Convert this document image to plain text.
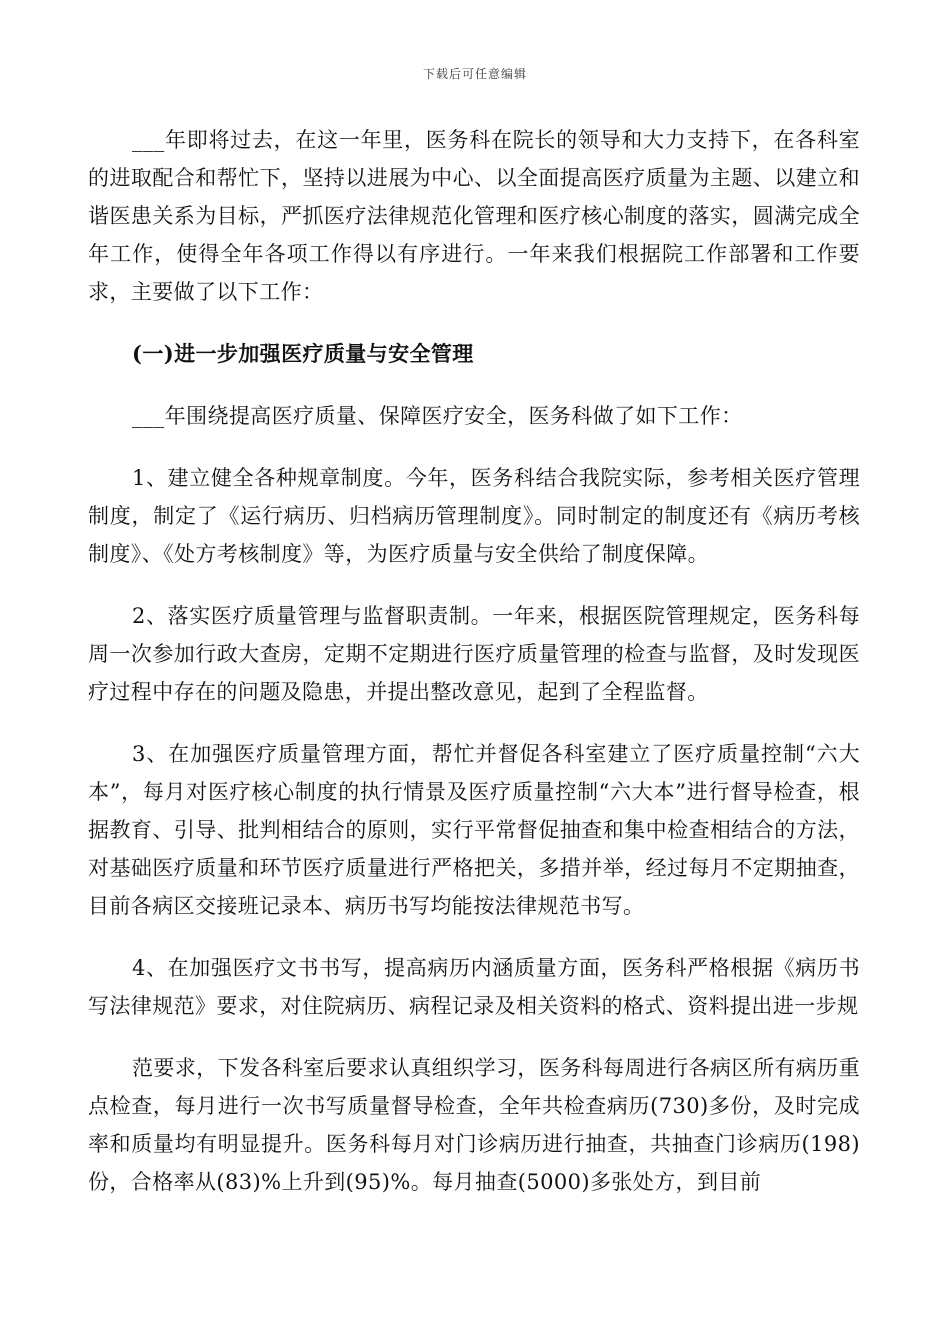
下载后可任意编辑

___年即将过去，在这一年里，医务科在院长的领导和大力支持下，在各科室的进取配合和帮忙下，坚持以进展为中心、以全面提高医疗质量为主题、以建立和谐医患关系为目标，严抓医疗法律规范化管理和医疗核心制度的落实，圆满完成全年工作，使得全年各项工作得以有序进行。一年来我们根据院工作部署和工作要求，主要做了以下工作：

(一)进一步加强医疗质量与安全管理

___年围绕提高医疗质量、保障医疗安全，医务科做了如下工作：

1、建立健全各种规章制度。今年，医务科结合我院实际，参考相关医疗管理制度，制定了《运行病历、归档病历管理制度》。同时制定的制度还有《病历考核制度》、《处方考核制度》等，为医疗质量与安全供给了制度保障。

2、落实医疗质量管理与监督职责制。一年来，根据医院管理规定，医务科每周一次参加行政大查房，定期不定期进行医疗质量管理的检查与监督，及时发现医疗过程中存在的问题及隐患，并提出整改意见，起到了全程监督。

3、在加强医疗质量管理方面，帮忙并督促各科室建立了医疗质量控制“六大本”，每月对医疗核心制度的执行情景及医疗质量控制“六大本”进行督导检查，根据教育、引导、批判相结合的原则，实行平常督促抽查和集中检查相结合的方法，对基础医疗质量和环节医疗质量进行严格把关，多措并举，经过每月不定期抽查，目前各病区交接班记录本、病历书写均能按法律规范书写。

4、在加强医疗文书书写，提高病历内涵质量方面，医务科严格根据《病历书写法律规范》要求，对住院病历、病程记录及相关资料的格式、资料提出进一步规

范要求，下发各科室后要求认真组织学习，医务科每周进行各病区所有病历重点检查，每月进行一次书写质量督导检查，全年共检查病历(730)多份，及时完成率和质量均有明显提升。医务科每月对门诊病历进行抽查，共抽查门诊病历(198)份，合格率从(83)%上升到(95)%。每月抽查(5000)多张处方，到目前
